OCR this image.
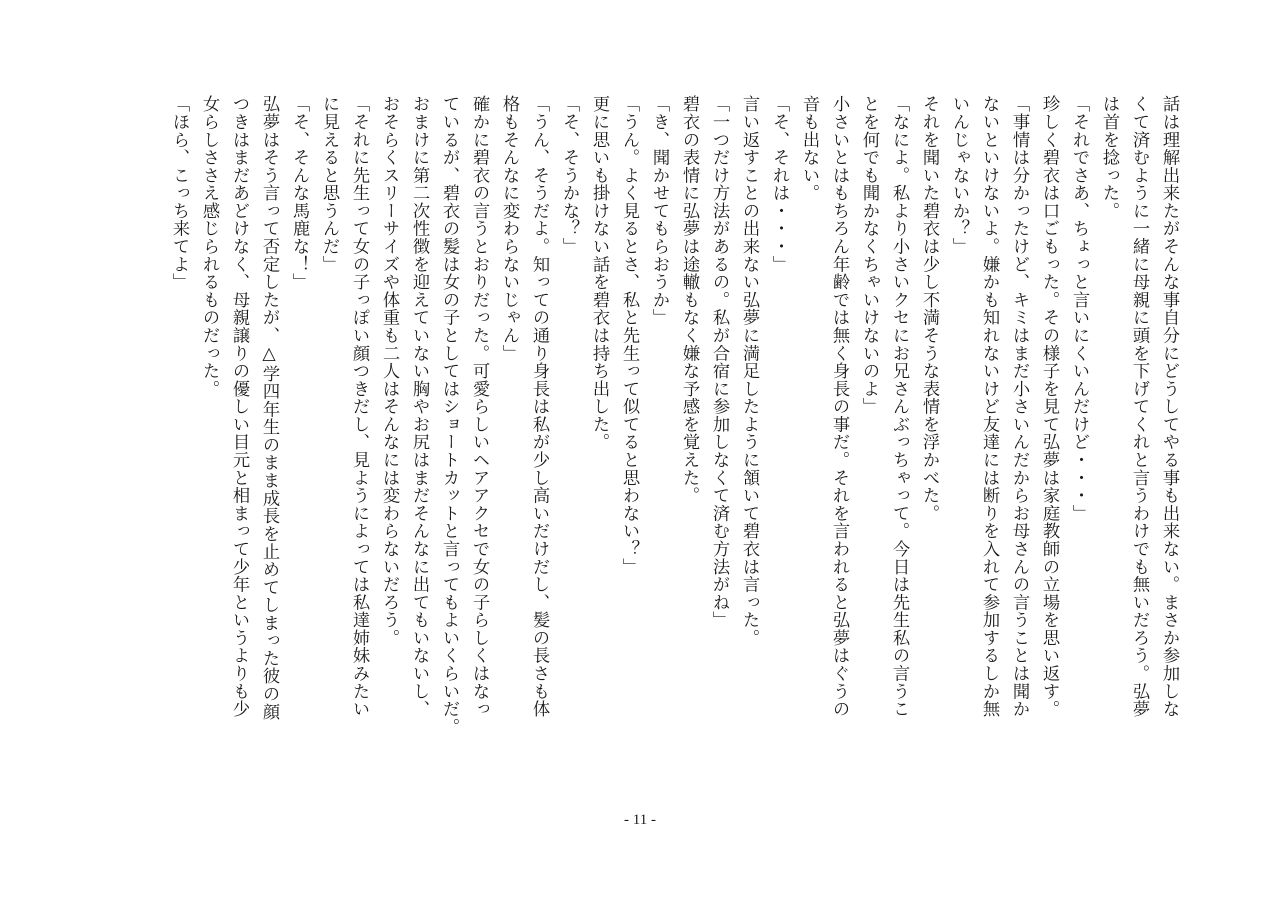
話は理解出来たがそんな事自分にどうしてやる事も出来ない。まさか参加しな
くて済むように一緒に母親に頭を下げてくれと言うわけでも無いだろう。弘夢
は首を捻った。
「それでさあ、ちょっと言いにくいんだけど・・・」
珍しく碧衣は口ごもった。その様子を見て弘夢は家庭教師の立場を思い返す。
「事情は分かったけど、キミはまだ小さいんだからお母さんの言うことは聞か
ないといけないよ。嫌かも知れないけど友達には断りを入れて参加するしか無
いんじゃないか？」
それを聞いた碧衣は少し不満そうな表情を浮かべた。
「なによ。私より小さいクセにお兄さんぶっちゃって。今日は先生私の言うこ
とを何でも聞かなくちゃいけないのよ」
小さいとはもちろん年齢では無く身長の事だ。それを言われると弘夢はぐうの
音も出ない。
「そ、それは・・・」
言い返すことの出来ない弘夢に満足したように頷いて碧衣は言った。
「一つだけ方法があるの。私が合宿に参加しなくて済む方法がね」
碧衣の表情に弘夢は途轍もなく嫌な予感を覚えた。
「き、聞かせてもらおうか」
「うん。よく見るとさ、私と先生って似てると思わない？」
更に思いも掛けない話を碧衣は持ち出した。
「そ、そうかな？」
「うん、そうだよ。知っての通り身長は私が少し高いだけだし、髪の長さも体
格もそんなに変わらないじゃん」
確かに碧衣の言うとおりだった。可愛らしいヘアアクセで女の子らしくはなっ
ているが、碧衣の髪は女の子としてはショートカットと言ってもよいくらいだ。
おまけに第二次性徴を迎えていない胸やお尻はまだそんなに出てもいないし、
おそらくスリーサイズや体重も二人はそんなには変わらないだろう。
「それに先生って女の子っぽい顔つきだし、見ようによっては私達姉妹みたい
に見えると思うんだ」
「そ、そんな馬鹿な！」
弘夢はそう言って否定したが、△学四年生のまま成長を止めてしまった彼の顔
つきはまだあどけなく、母親譲りの優しい目元と相まって少年というよりも少
女らしささえ感じられるものだった。
「ほら、こっち来てよ」
- 11 -
